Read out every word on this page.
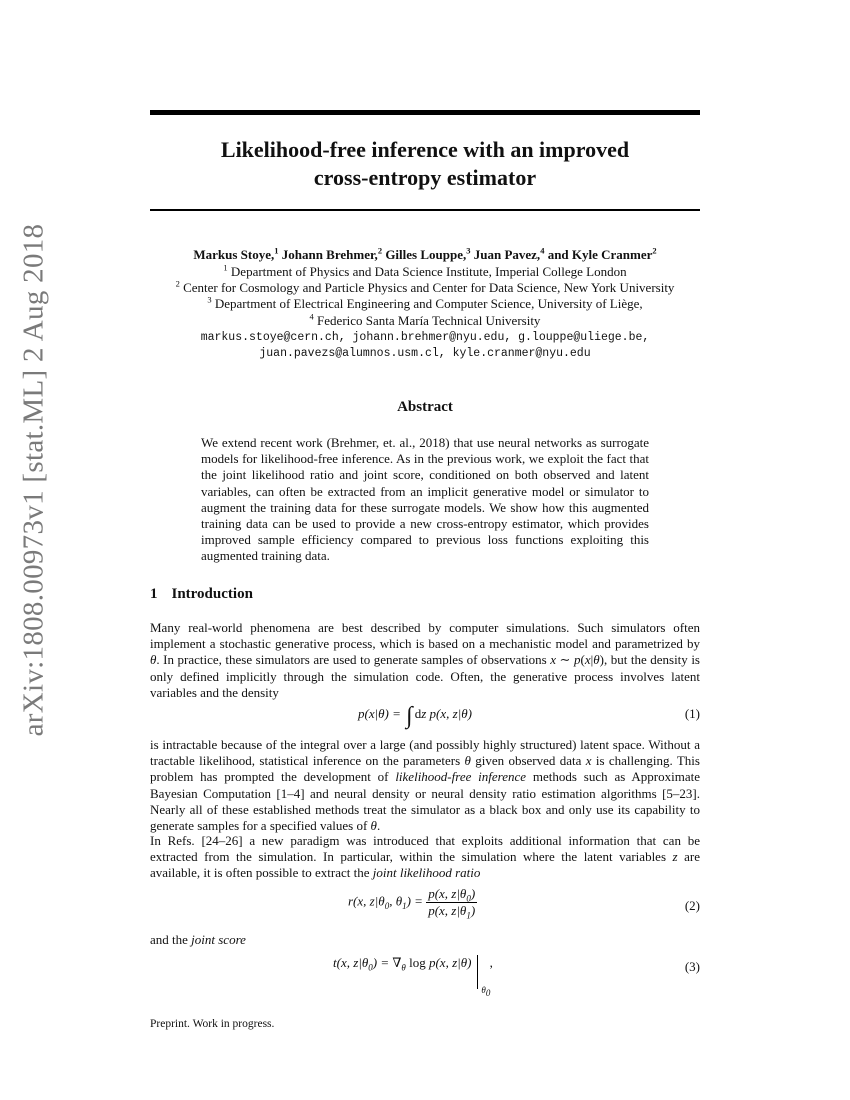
arXiv:1808.00973v1 [stat.ML] 2 Aug 2018
Likelihood-free inference with an improved
cross-entropy estimator
Markus Stoye,$^1$ Johann Brehmer,$^2$ Gilles Louppe,$^3$ Juan Pavez,$^4$ and Kyle Cranmer$^2$
$^1$ Department of Physics and Data Science Institute, Imperial College London
$^2$ Center for Cosmology and Particle Physics and Center for Data Science, New York University
$^3$ Department of Electrical Engineering and Computer Science, University of Liège,
$^4$ Federico Santa María Technical University
markus.stoye@cern.ch, johann.brehmer@nyu.edu, g.louppe@uliege.be,
juan.pavezs@alumnos.usm.cl, kyle.cranmer@nyu.edu
Abstract
We extend recent work (Brehmer, et. al., 2018) that use neural networks as surrogate models for likelihood-free inference. As in the previous work, we exploit the fact that the joint likelihood ratio and joint score, conditioned on both observed and latent variables, can often be extracted from an implicit generative model or simulator to augment the training data for these surrogate models. We show how this augmented training data can be used to provide a new cross-entropy estimator, which provides improved sample efficiency compared to previous loss functions exploiting this augmented training data.
1 Introduction
Many real-world phenomena are best described by computer simulations. Such simulators often implement a stochastic generative process, which is based on a mechanistic model and parametrized by θ. In practice, these simulators are used to generate samples of observations x ∼ p(x|θ), but the density is only defined implicitly through the simulation code. Often, the generative process involves latent variables and the density
p(x|θ) = ∫ dz p(x, z|θ)	(1)
is intractable because of the integral over a large (and possibly highly structured) latent space. Without a tractable likelihood, statistical inference on the parameters θ given observed data x is challenging. This problem has prompted the development of likelihood-free inference methods such as Approximate Bayesian Computation [1–4] and neural density or neural density ratio estimation algorithms [5–23]. Nearly all of these established methods treat the simulator as a black box and only use its capability to generate samples for a specified values of θ.
In Refs. [24–26] a new paradigm was introduced that exploits additional information that can be extracted from the simulation. In particular, within the simulation where the latent variables z are available, it is often possible to extract the joint likelihood ratio
r(x, $z|\theta_0$, $\theta_1) = \frac{p(x, z|\theta_0)}{p(x, z|\theta_1)}$	(2)
and the joint score
t(x, $z|\theta_0) = \nabla_\theta$ log p(x, z|θ)
$\theta_0$
,	(3)
Preprint. Work in progress.
